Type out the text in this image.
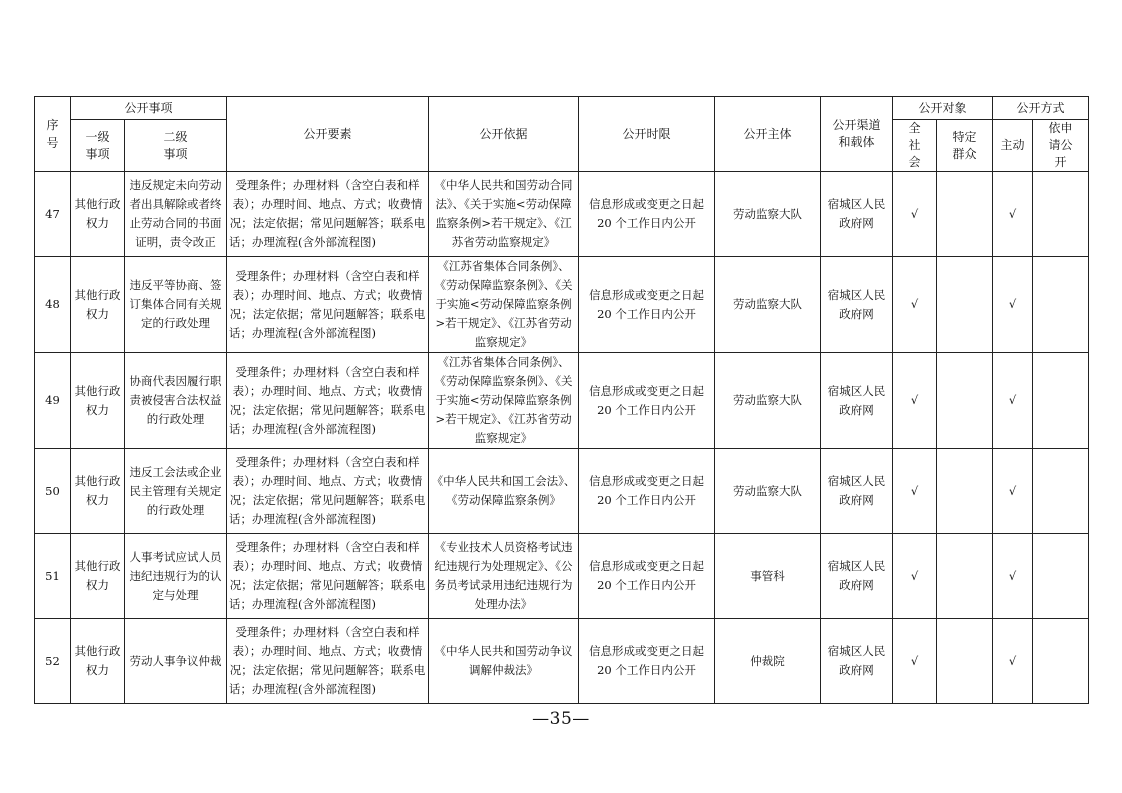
序号	公开事项		公开要素	公开依据	公开时限	公开主体	公开渠道和载体	公开对象		公开方式	
	一级事项	二级事项						全社会	特定群众	主动	依申请公开
47	其他行政权力	违反规定未向劳动者出具解除或者终止劳动合同的书面证明，责令改正	受理条件；办理材料（含空白表和样表）；办理时间、地点、方式；收费情况；法定依据；常见问题解答；联系电话；办理流程(含外部流程图)	《中华人民共和国劳动合同法》、《关于实施<劳动保障监察条例>若干规定》、《江苏省劳动监察规定》	信息形成或变更之日起 20 个工作日内公开	劳动监察大队	宿城区人民政府网	√		√	
48	其他行政权力	违反平等协商、签订集体合同有关规定的行政处理	受理条件；办理材料（含空白表和样表）；办理时间、地点、方式；收费情况；法定依据；常见问题解答；联系电话；办理流程(含外部流程图)	《江苏省集体合同条例》、《劳动保障监察条例》、《关于实施<劳动保障监察条例>若干规定》、《江苏省劳动监察规定》	信息形成或变更之日起 20 个工作日内公开	劳动监察大队	宿城区人民政府网	√		√	
49	其他行政权力	协商代表因履行职责被侵害合法权益的行政处理	受理条件；办理材料（含空白表和样表）；办理时间、地点、方式；收费情况；法定依据；常见问题解答；联系电话；办理流程(含外部流程图)	《江苏省集体合同条例》、《劳动保障监察条例》、《关于实施<劳动保障监察条例>若干规定》、《江苏省劳动监察规定》	信息形成或变更之日起 20 个工作日内公开	劳动监察大队	宿城区人民政府网	√		√	
50	其他行政权力	违反工会法或企业民主管理有关规定的行政处理	受理条件；办理材料（含空白表和样表）；办理时间、地点、方式；收费情况；法定依据；常见问题解答；联系电话；办理流程(含外部流程图)	《中华人民共和国工会法》、《劳动保障监察条例》	信息形成或变更之日起 20 个工作日内公开	劳动监察大队	宿城区人民政府网	√		√	
51	其他行政权力	人事考试应试人员违纪违规行为的认定与处理	受理条件；办理材料（含空白表和样表）；办理时间、地点、方式；收费情况；法定依据；常见问题解答；联系电话；办理流程(含外部流程图)	《专业技术人员资格考试违纪违规行为处理规定》、《公务员考试录用违纪违规行为处理办法》	信息形成或变更之日起 20 个工作日内公开	事管科	宿城区人民政府网	√		√	
52	其他行政权力	劳动人事争议仲裁	受理条件；办理材料（含空白表和样表）；办理时间、地点、方式；收费情况；法定依据；常见问题解答；联系电话；办理流程(含外部流程图)	《中华人民共和国劳动争议调解仲裁法》	信息形成或变更之日起 20 个工作日内公开	仲裁院	宿城区人民政府网	√		√	
—35—
